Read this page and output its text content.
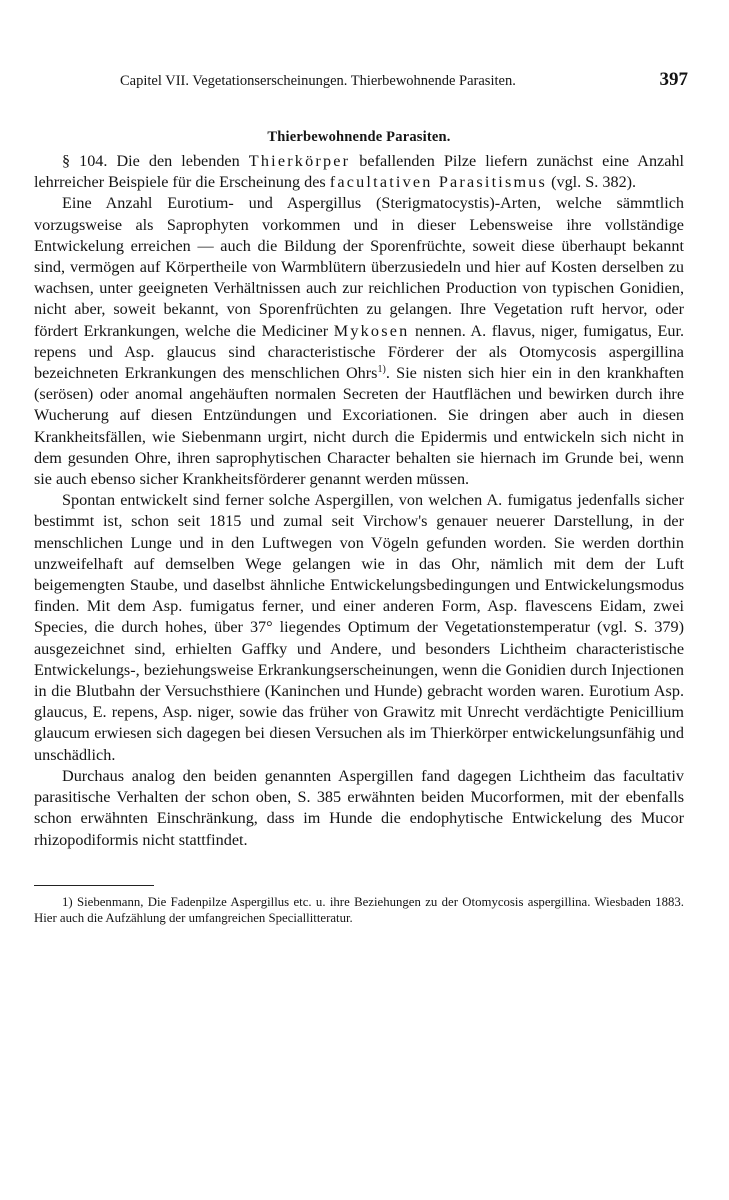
Capitel VII. Vegetationserscheinungen. Thierbewohnende Parasiten.	397
Thierbewohnende Parasiten.

§ 104. Die den lebenden Thierkörper befallenden Pilze liefern zunächst eine Anzahl lehrreicher Beispiele für die Erscheinung des facultativen Parasitismus (vgl. S. 382).

Eine Anzahl Eurotium- und Aspergillus (Sterigmatocystis)-Arten, welche sämmtlich vorzugsweise als Saprophyten vorkommen und in dieser Lebensweise ihre vollständige Entwickelung erreichen — auch die Bildung der Sporenfrüchte, soweit diese überhaupt bekannt sind, vermögen auf Körpertheile von Warmblütern überzusiedeln und hier auf Kosten derselben zu wachsen, unter geeigneten Verhältnissen auch zur reichlichen Production von typischen Gonidien, nicht aber, soweit bekannt, von Sporenfrüchten zu gelangen. Ihre Vegetation ruft hervor, oder fördert Erkrankungen, welche die Mediciner Mykosen nennen. A. flavus, niger, fumigatus, Eur. repens und Asp. glaucus sind characteristische Förderer der als Otomycosis aspergillina bezeichneten Erkrankungen des menschlichen Ohrs$^{1)}$. Sie nisten sich hier ein in den krankhaften (serösen) oder anomal angehäuften normalen Secreten der Hautflächen und bewirken durch ihre Wucherung auf diesen Entzündungen und Excoriationen. Sie dringen aber auch in diesen Krankheitsfällen, wie Siebenmann urgirt, nicht durch die Epidermis und entwickeln sich nicht in dem gesunden Ohre, ihren saprophytischen Character behalten sie hiernach im Grunde bei, wenn sie auch ebenso sicher Krankheitsförderer genannt werden müssen.

Spontan entwickelt sind ferner solche Aspergillen, von welchen A. fumigatus jedenfalls sicher bestimmt ist, schon seit 1815 und zumal seit Virchow's genauer neuerer Darstellung, in der menschlichen Lunge und in den Luftwegen von Vögeln gefunden worden. Sie werden dorthin unzweifelhaft auf demselben Wege gelangen wie in das Ohr, nämlich mit dem der Luft beigemengten Staube, und daselbst ähnliche Entwickelungsbedingungen und Entwickelungsmodus finden. Mit dem Asp. fumigatus ferner, und einer anderen Form, Asp. flavescens Eidam, zwei Species, die durch hohes, über 37° liegendes Optimum der Vegetationstemperatur (vgl. S. 379) ausgezeichnet sind, erhielten Gaffky und Andere, und besonders Lichtheim characteristische Entwickelungs-, beziehungsweise Erkrankungserscheinungen, wenn die Gonidien durch Injectionen in die Blutbahn der Versuchsthiere (Kaninchen und Hunde) gebracht worden waren. Eurotium Asp. glaucus, E. repens, Asp. niger, sowie das früher von Grawitz mit Unrecht verdächtigte Penicillium glaucum erwiesen sich dagegen bei diesen Versuchen als im Thierkörper entwickelungsunfähig und unschädlich.

Durchaus analog den beiden genannten Aspergillen fand dagegen Lichtheim das facultativ parasitische Verhalten der schon oben, S. 385 erwähnten beiden Mucorformen, mit der ebenfalls schon erwähnten Einschränkung, dass im Hunde die endophytische Entwickelung des Mucor rhizopodiformis nicht stattfindet.

1) Siebenmann, Die Fadenpilze Aspergillus etc. u. ihre Beziehungen zu der Otomycosis aspergillina. Wiesbaden 1883. Hier auch die Aufzählung der umfangreichen Speciallitteratur.
